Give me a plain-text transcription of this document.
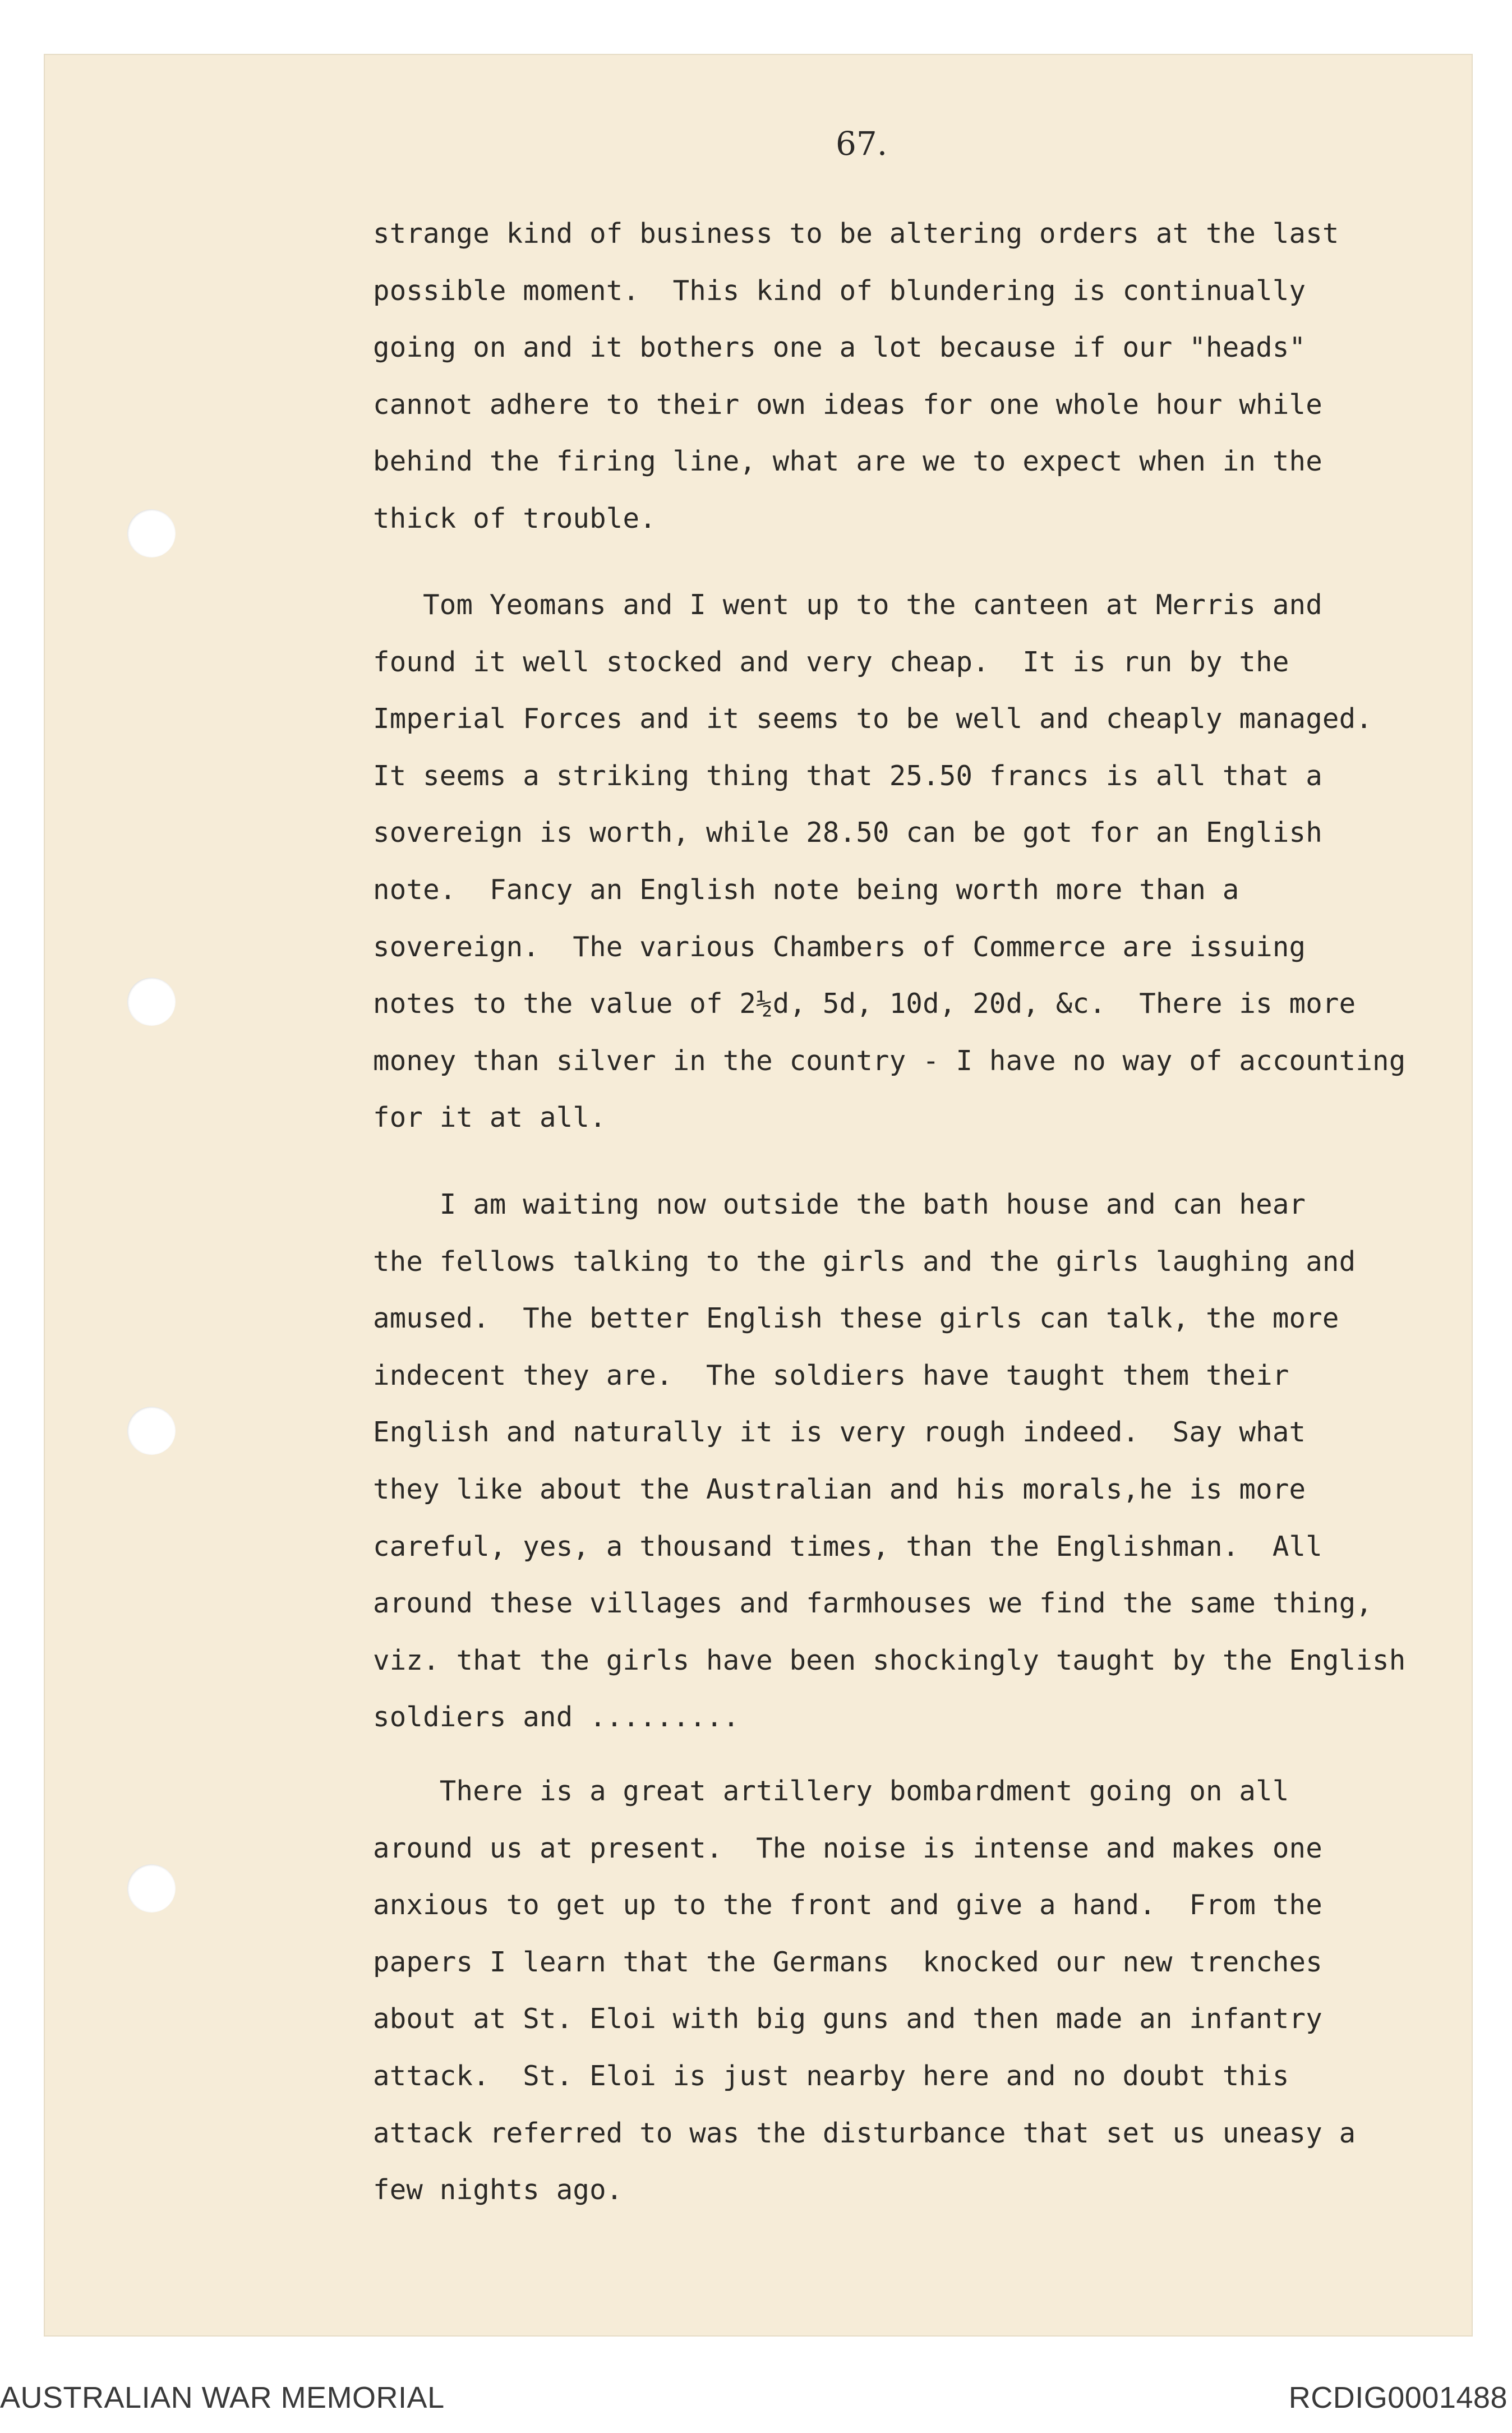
67.
strange kind of business to be altering orders at the last
possible moment.  This kind of blundering is continually
going on and it bothers one a lot because if our "heads"
cannot adhere to their own ideas for one whole hour while
behind the firing line, what are we to expect when in the
thick of trouble.
Tom Yeomans and I went up to the canteen at Merris and
found it well stocked and very cheap.  It is run by the
Imperial Forces and it seems to be well and cheaply managed.
It seems a striking thing that 25.50 francs is all that a
sovereign is worth, while 28.50 can be got for an English
note.  Fancy an English note being worth more than a
sovereign.  The various Chambers of Commerce are issuing
notes to the value of 2½d, 5d, 10d, 20d, &c.  There is more
money than silver in the country - I have no way of accounting
for it at all.
I am waiting now outside the bath house and can hear
the fellows talking to the girls and the girls laughing and
amused.  The better English these girls can talk, the more
indecent they are.  The soldiers have taught them their
English and naturally it is very rough indeed.  Say what
they like about the Australian and his morals,he is more
careful, yes, a thousand times, than the Englishman.  All
around these villages and farmhouses we find the same thing,
viz. that the girls have been shockingly taught by the English
soldiers and .........
There is a great artillery bombardment going on all
around us at present.  The noise is intense and makes one
anxious to get up to the front and give a hand.  From the
papers I learn that the Germans  knocked our new trenches
about at St. Eloi with big guns and then made an infantry
attack.  St. Eloi is just nearby here and no doubt this
attack referred to was the disturbance that set us uneasy a
few nights ago.
AUSTRALIAN WAR MEMORIAL	RCDIG0001488
